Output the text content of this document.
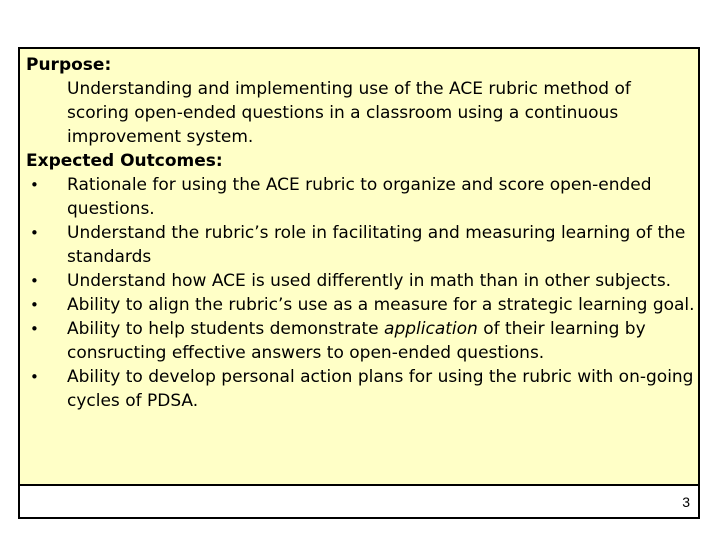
Purpose:

Understanding and implementing use of the ACE rubric method of scoring open-ended questions in a classroom using a continuous improvement system.

Expected Outcomes:

• Rationale for using the ACE rubric to organize and score open-ended questions.
• Understand the rubric’s role in facilitating and measuring learning of the standards
• Understand how ACE is used differently in math than in other subjects.
• Ability to align the rubric’s use as a measure for a strategic learning goal.
• Ability to help students demonstrate application of their learning by consructing effective answers to open-ended questions.
• Ability to develop personal action plans for using the rubric with on-going cycles of PDSA.
3
